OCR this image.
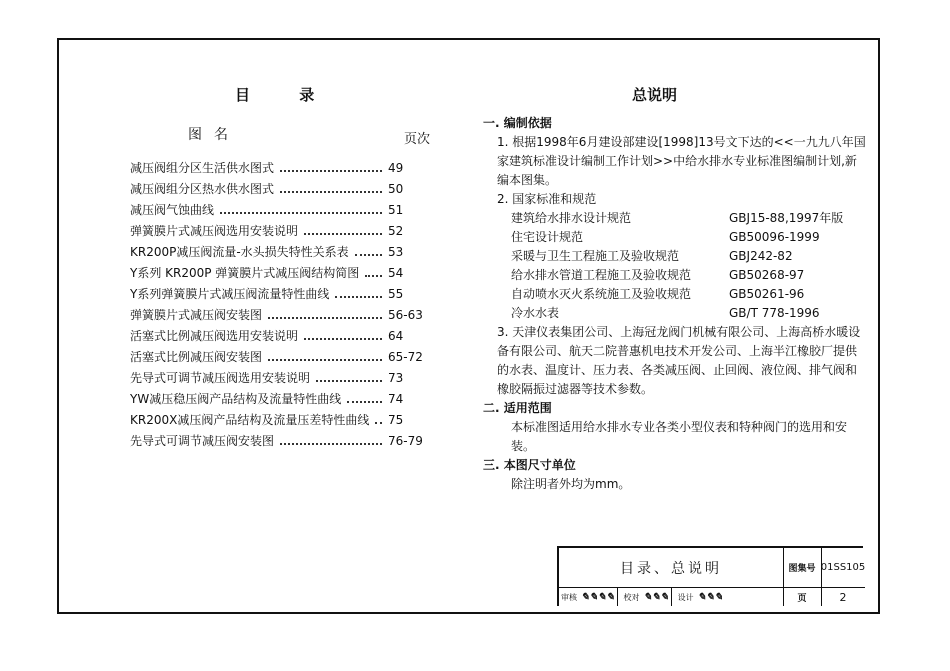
目 录
图名	页次
减压阀组分区生活供水图式	49
减压阀组分区热水供水图式	50
减压阀气蚀曲线	51
弹簧膜片式减压阀选用安装说明	52
KR200P减压阀流量-水头损失特性关系表	53
Y系列 KR200P 弹簧膜片式减压阀结构简图 54
Y系列弹簧膜片式减压阀流量特性曲线	55
弹簧膜片式减压阀安装图	56-63
活塞式比例减压阀选用安装说明	64
活塞式比例减压阀安装图	65-72
先导式可调节减压阀选用安装说明	73
YW减压稳压阀产品结构及流量特性曲线	74
KR200X减压阀产品结构及流量压差特性曲线 75
先导式可调节减压阀安装图	76-79
总说明
一. 编制依据
1. 根据1998年6月建设部建设[1998]13号文下达的<<一九九八年国家建筑标准设计编制工作计划>>中给水排水专业标准图编制计划,新编本图集。
2. 国家标准和规范
建筑给水排水设计规范	GBJ15-88,1997年版
住宅设计规范	GB50096-1999
采暖与卫生工程施工及验收规范	GBJ242-82
给水排水管道工程施工及验收规范	GB50268-97
自动喷水灭火系统施工及验收规范	GB50261-96
冷水水表	GB/T 778-1996
3. 天津仪表集团公司、上海冠龙阀门机械有限公司、上海高桥水暖设备有限公司、航天二院普惠机电技术开发公司、上海半江橡胶厂提供的水表、温度计、压力表、各类减压阀、止回阀、液位阀、排气阀和橡胶隔振过滤器等技术参数。
二. 适用范围
本标准图适用给水排水专业各类小型仪表和特种阀门的选用和安装。
三. 本图尺寸单位
除注明者外均为mm。
目录、总说明	图集号 01SS105
审核 ✎✎✎✎ 校对 ✎✎✎ 设计 ✎✎✎	页	2
